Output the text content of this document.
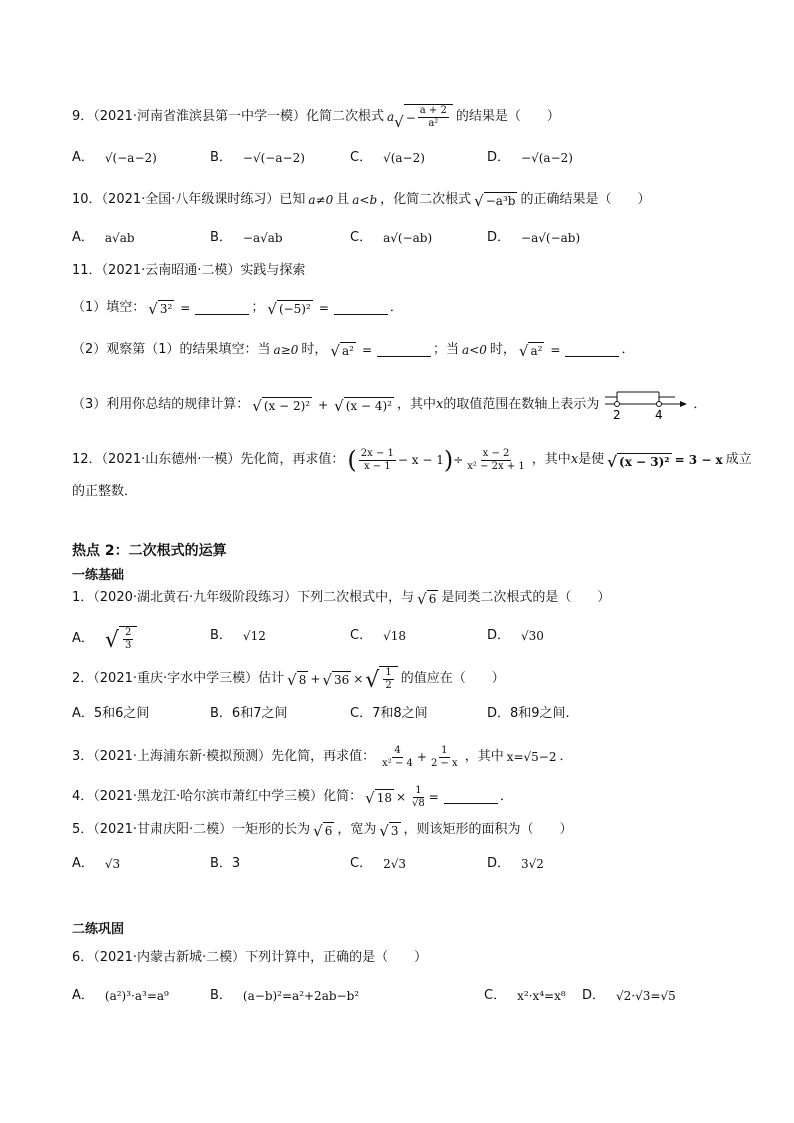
9．（2021·河南省淮滨县第一中学一模）化简二次根式 a √ − $\frac{a + 2}{\text{a²}}$ 的结果是（　　）
A． √(−a−2)	B． −√(−a−2)	C． √(a−2)	D． −√(a−2)
10．（2021·全国·八年级课时练习）已知 a≠0 且 a<b ，化简二次根式 √ −a³b 的正确结果是（　　）
A． a√ab	B． −a√ab	C． a√(−ab)	D． −a√(−ab)
11．（2021·云南昭通·二模）实践与探索
（1）填空： √ 3² =	； √ (−5)² =	．
（2）观察第（1）的结果填空：当 a≥0 时， √ a² =	；当 a<0 时， √ a² =	．
（3）利用你总结的规律计算： √ (x − 2)² + √ (x − 4)² ，其中 x 的取值范围在数轴上表示为
2	4
．
12．（2021·山东德州·一模）先化简，再求值： ( $\frac{2x - 1}{x - 1} - x - 1$ ) ÷ $\frac{x - 2}{\text{x² − 2x + 1}}$ ，其中 x 是使 √ (x − 3)² = 3 − x 成立
的正整数．
热点 2：二次根式的运算
一练基础
1．（2020·湖北黄石·九年级阶段练习）下列二次根式中，与 √ 6 是同类二次根式的是（　　）
A． √ $\frac{2}{3}$	B． √12	C． √18	D． √30
2．（2021·重庆·字水中学三模）估计 √ 8 + √ 36 × √ $\frac{1}{2}$ 的值应在（　　）
A．5和6之间	B．6和7之间	C．7和8之间	D．8和9之间.
3．（2021·上海浦东新·模拟预测）先化简，再求值： $\frac{4}{\text{x² − 4}} + \frac{1}{2 - x}$ ，其中 x=√5−2 ．
4．（2021·黑龙江·哈尔滨市萧红中学三模）化简： √ $18 \times \frac{1}{√8}$ =	．
5．（2021·甘肃庆阳·二模）一矩形的长为 √ 6 ，宽为 √ 3 ，则该矩形的面积为（　　）
A． √3	B．3	C． 2√3	D． 3√2
二练巩固
6．（2021·内蒙古新城·二模）下列计算中，正确的是（　　）
A． (a²)³·a³=a⁹	B． (a−b)²=a²+2ab−b²	C． x²·x⁴=x⁸ D． √2·√3=√5
